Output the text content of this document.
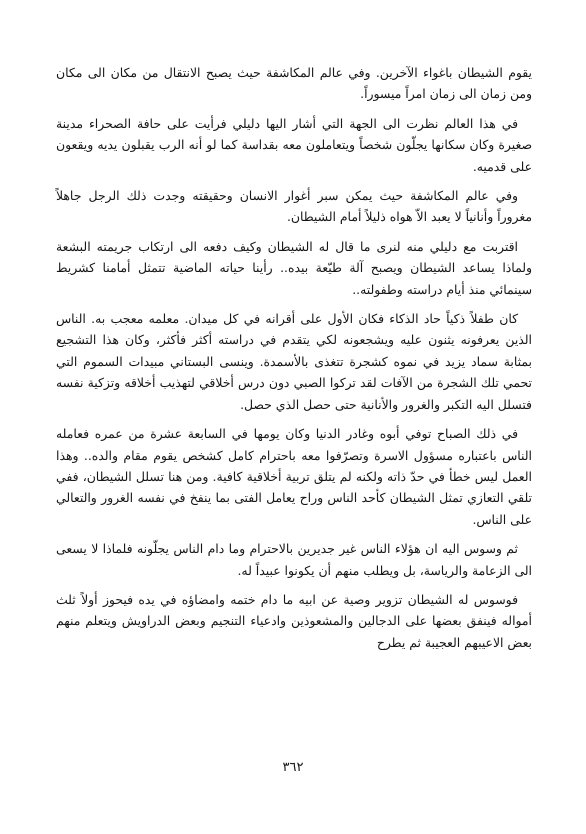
يقوم الشيطان باغواء الآخرين. وفي عالم المكاشفة حيث يصبح الانتقال من مكان الى مكان ومن زمان الى زمان امراً ميسوراً.

في هذا العالم نظرت الى الجهة التي أشار اليها دليلي فرأيت على حافة الصحراء مدينة صغيرة وكان سكانها يجلّون شخصاً ويتعاملون معه بقداسة كما لو أنه الرب يقبلون يديه ويقعون على قدميه.

وفي عالم المكاشفة حيث يمكن سبر أغوار الانسان وحقيقته وجدت ذلك الرجل جاهلاً مغروراً وأنانياً لا يعبد الاّ هواه ذليلاً أمام الشيطان.

اقتربت مع دليلي منه لنرى ما قال له الشيطان وكيف دفعه الى ارتكاب جريمته البشعة ولماذا يساعد الشيطان ويصبح آلة طيّعة بيده.. رأينا حياته الماضية تتمثل أمامنا كشريط سينمائي منذ أيام دراسته وطفولته..

كان طفلاً ذكياً حاد الذكاء فكان الأول على أقرانه في كل ميدان. معلمه معجب به. الناس الذين يعرفونه يثنون عليه ويشجعونه لكي يتقدم في دراسته أكثر فأكثر، وكان هذا التشجيع بمثابة سماد يزيد في نموه كشجرة تتغذى بالأسمدة. وينسى البستاني مبيدات السموم التي تحمي تلك الشجرة من الآفات لقد تركوا الصبي دون درس أخلاقي لتهذيب أخلاقه وتزكية نفسه فتسلل اليه التكبر والغرور والأنانية حتى حصل الذي حصل.

في ذلك الصباح توفي أبوه وغادر الدنيا وكان يومها في السابعة عشرة من عمره فعامله الناس باعتباره مسؤول الاسرة وتصرّفوا معه باحترام كامل كشخص يقوم مقام والده.. وهذا العمل ليس خطأ في حدّ ذاته ولكنه لم يتلق تربية أخلاقية كافية. ومن هنا تسلل الشيطان، ففي تلقي التعازي تمثل الشيطان كأحد الناس وراح يعامل الفتى بما ينفخ في نفسه الغرور والتعالي على الناس.

ثم وسوس اليه ان هؤلاء الناس غير جديرين بالاحترام وما دام الناس يجلّونه فلماذا لا يسعى الى الزعامة والرياسة، بل ويطلب منهم أن يكونوا عبيداً له.

فوسوس له الشيطان تزوير وصية عن ابيه ما دام ختمه وامضاؤه في يده فيحوز أولاً ثلث أمواله فينفق بعضها على الدجالين والمشعوذين وادعياء التنجيم وبعض الدراويش ويتعلم منهم بعض الاعيبهم العجيبة ثم يطرح

٣٦٢
